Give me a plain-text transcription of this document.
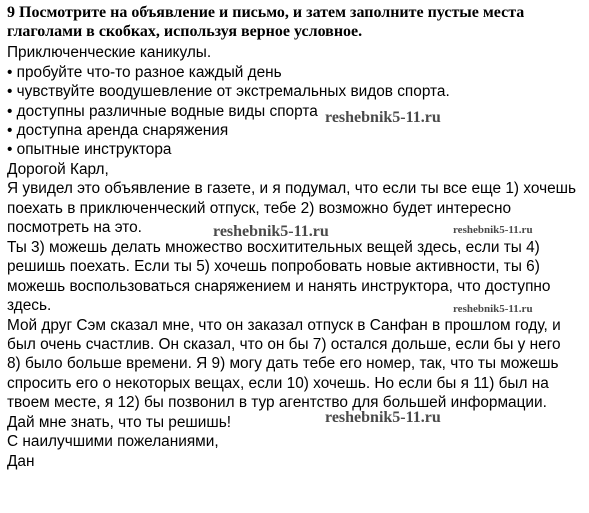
9 Посмотрите на объявление и письмо, и затем заполните пустые места
глаголами в скобках, используя верное условное.
Приключенческие каникулы.
• пробуйте что-то разное каждый день
• чувствуйте воодушевление от экстремальных видов спорта.
• доступны различные водные виды спорта
• доступна аренда снаряжения
• опытные инструктора
Дорогой Карл,
Я увидел это объявление в газете, и я подумал, что если ты все еще 1) хочешь
поехать в приключенческий отпуск, тебе 2) возможно будет интересно
посмотреть на это.
Ты 3) можешь делать множество восхитительных вещей здесь, если ты 4)
решишь поехать. Если ты 5) хочешь попробовать новые активности, ты 6)
можешь воспользоваться снаряжением и нанять инструктора, что доступно
здесь.
Мой друг Сэм сказал мне, что он заказал отпуск в Санфан в прошлом году, и
был очень счастлив. Он сказал, что он бы 7) остался дольше, если бы у него
8) было больше времени. Я 9) могу дать тебе его номер, так, что ты можешь
спросить его о некоторых вещах, если 10) хочешь. Но если бы я 11) был на
твоем месте, я 12) бы позвонил в тур агентство для большей информации.
Дай мне знать, что ты решишь!
С наилучшими пожеланиями,
Дан
reshebnik5-11.ru
reshebnik5-11.ru	reshebnik5-11.ru
reshebnik5-11.ru
reshebnik5-11.ru
